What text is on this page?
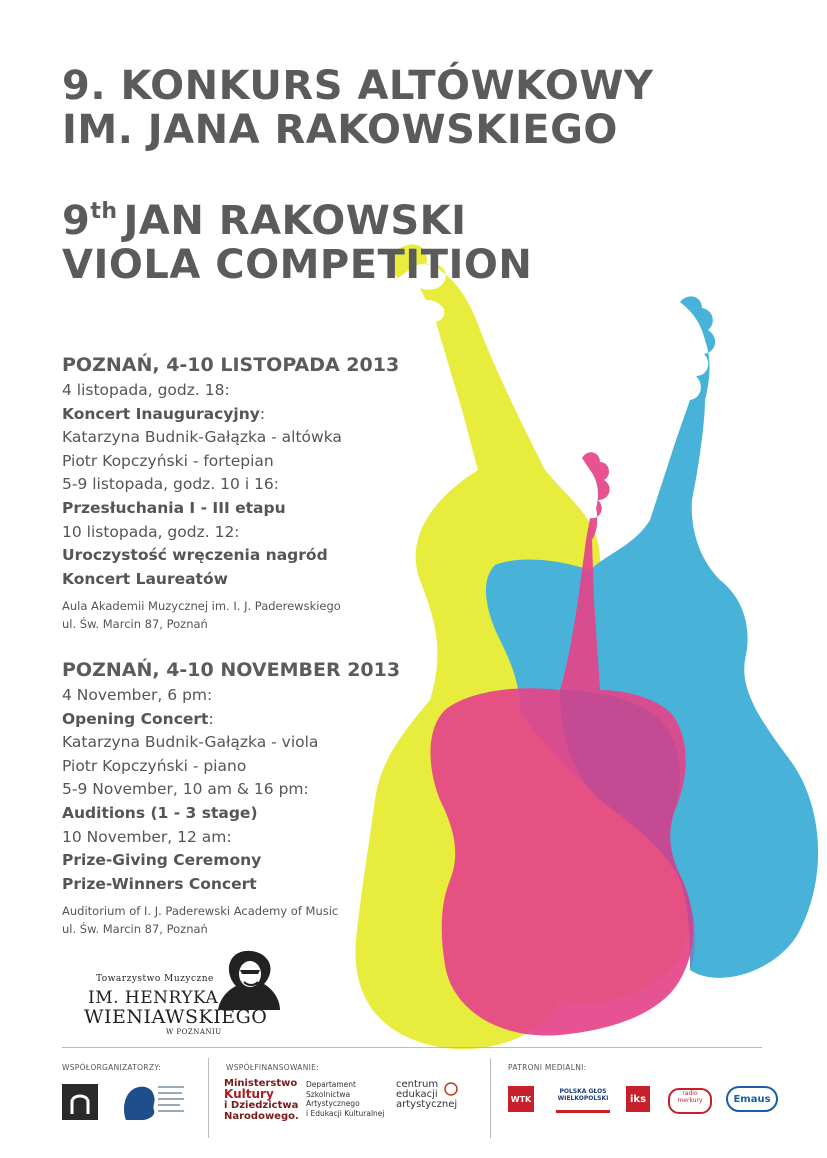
9. KONKURS ALTÓWKOWY
IM. JANA RAKOWSKIEGO
9th JAN RAKOWSKI
VIOLA COMPETITION
POZNAŃ, 4-10 LISTOPADA 2013
4 listopada, godz. 18:
Koncert Inauguracyjny:
Katarzyna Budnik-Gałązka - altówka
Piotr Kopczyński - fortepian
5-9 listopada, godz. 10 i 16:
Przesłuchania I - III etapu
10 listopada, godz. 12:
Uroczystość wręczenia nagród
Koncert Laureatów
Aula Akademii Muzycznej im. I. J. Paderewskiego
ul. Św. Marcin 87, Poznań
POZNAŃ, 4-10 NOVEMBER 2013
4 November, 6 pm:
Opening Concert:
Katarzyna Budnik-Gałązka - viola
Piotr Kopczyński - piano
5-9 November, 10 am & 16 pm:
Auditions (1 - 3 stage)
10 November, 12 am:
Prize-Giving Ceremony
Prize-Winners Concert
Auditorium of I. J. Paderewski Academy of Music
ul. Św. Marcin 87, Poznań
Towarzystwo Muzyczne
IM. HENRYKA
WIENIAWSKIEGO
W POZNANIU
WSPÓŁORGANIZATORZY:	WSPÓŁFINANSOWANIE:	PATRONI MEDIALNI:
Ministerstwo
Kultury
i Dziedzictwa
Narodowego.
Departament
Szkolnictwa
Artystycznego
i Edukacji Kulturalnej
centrum
edukacji
artystycznej	WTK
POLSKA GŁOS WIELKOPOLSKI	iks	radio merkury	Emaus
